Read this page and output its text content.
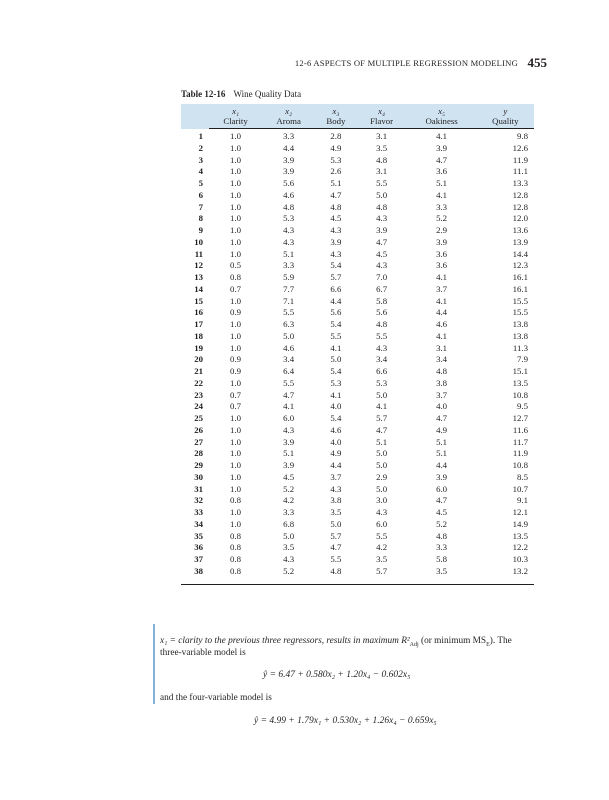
12-6 ASPECTS OF MULTIPLE REGRESSION MODELING 455
Table 12-16 Wine Quality Data
	x₁	x₂	x₃	x₄	x₅	y
	Clarity	Aroma	Body	Flavor	Oakiness	Quality
1	1.0	3.3	2.8	3.1	4.1	9.8
2	1.0	4.4	4.9	3.5	3.9	12.6
3	1.0	3.9	5.3	4.8	4.7	11.9
4	1.0	3.9	2.6	3.1	3.6	11.1
5	1.0	5.6	5.1	5.5	5.1	13.3
6	1.0	4.6	4.7	5.0	4.1	12.8
7	1.0	4.8	4.8	4.8	3.3	12.8
8	1.0	5.3	4.5	4.3	5.2	12.0
9	1.0	4.3	4.3	3.9	2.9	13.6
10	1.0	4.3	3.9	4.7	3.9	13.9
11	1.0	5.1	4.3	4.5	3.6	14.4
12	0.5	3.3	5.4	4.3	3.6	12.3
13	0.8	5.9	5.7	7.0	4.1	16.1
14	0.7	7.7	6.6	6.7	3.7	16.1
15	1.0	7.1	4.4	5.8	4.1	15.5
16	0.9	5.5	5.6	5.6	4.4	15.5
17	1.0	6.3	5.4	4.8	4.6	13.8
18	1.0	5.0	5.5	5.5	4.1	13.8
19	1.0	4.6	4.1	4.3	3.1	11.3
20	0.9	3.4	5.0	3.4	3.4	7.9
21	0.9	6.4	5.4	6.6	4.8	15.1
22	1.0	5.5	5.3	5.3	3.8	13.5
23	0.7	4.7	4.1	5.0	3.7	10.8
24	0.7	4.1	4.0	4.1	4.0	9.5
25	1.0	6.0	5.4	5.7	4.7	12.7
26	1.0	4.3	4.6	4.7	4.9	11.6
27	1.0	3.9	4.0	5.1	5.1	11.7
28	1.0	5.1	4.9	5.0	5.1	11.9
29	1.0	3.9	4.4	5.0	4.4	10.8
30	1.0	4.5	3.7	2.9	3.9	8.5
31	1.0	5.2	4.3	5.0	6.0	10.7
32	0.8	4.2	3.8	3.0	4.7	9.1
33	1.0	3.3	3.5	4.3	4.5	12.1
34	1.0	6.8	5.0	6.0	5.2	14.9
35	0.8	5.0	5.7	5.5	4.8	13.5
36	0.8	3.5	4.7	4.2	3.3	12.2
37	0.8	4.3	5.5	3.5	5.8	10.3
38	0.8	5.2	4.8	5.7	3.5	13.2
x₁ = clarity to the previous three regressors, results in maximum $R^2_{Adj}$ (or minimum $MS_E$). The
three-variable model is
ŷ = 6.47 + 0.580x₂ + 1.20x₄ − 0.602x₅
and the four-variable model is
ŷ = 4.99 + 1.79x₁ + 0.530x₂ + 1.26x₄ − 0.659x₅
